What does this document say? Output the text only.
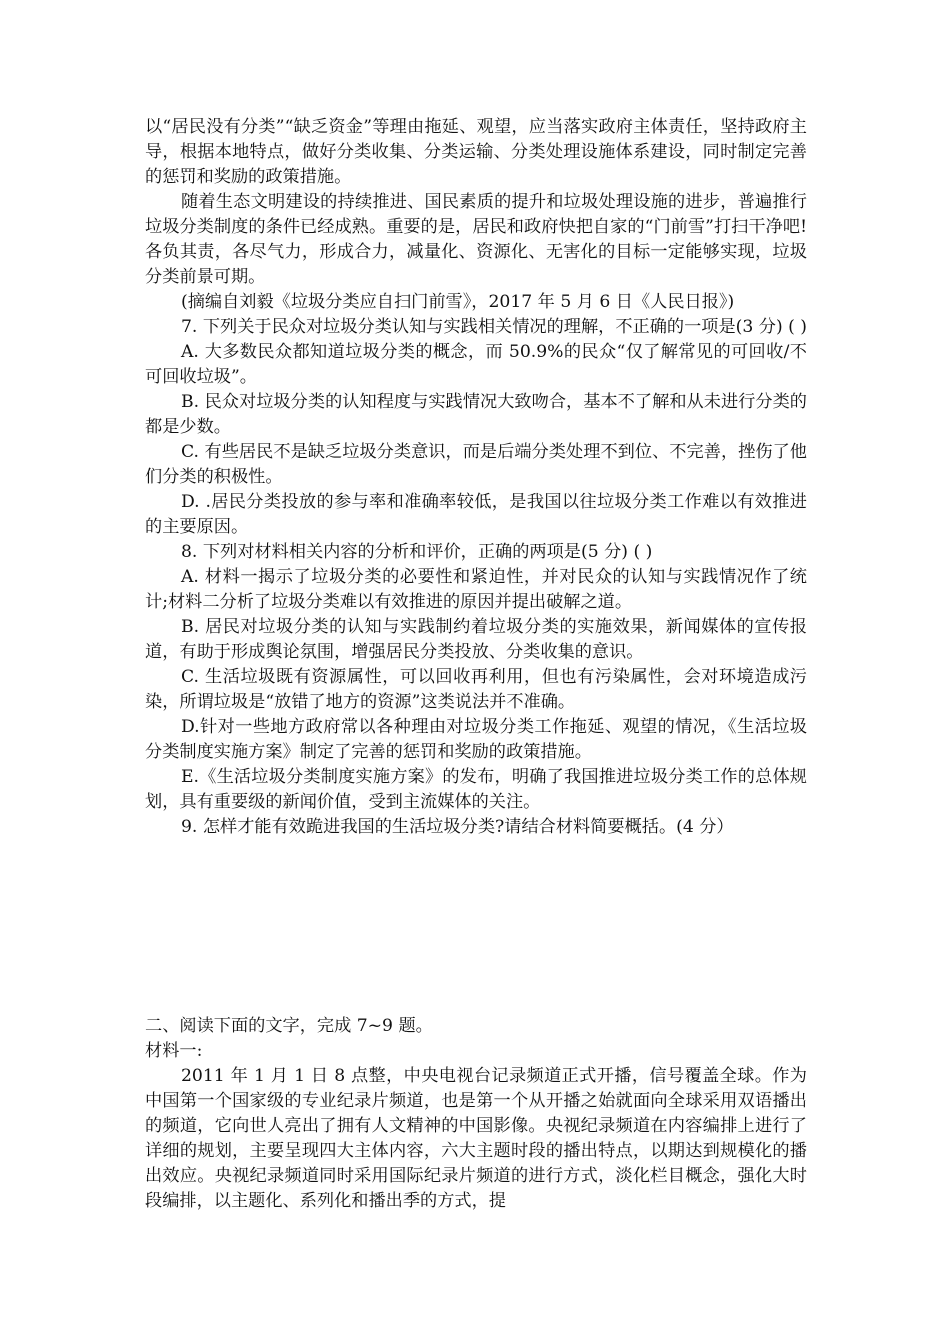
以“居民没有分类”“缺乏资金”等理由拖延、观望，应当落实政府主体责任，坚持政府主导，根据本地特点，做好分类收集、分类运输、分类处理设施体系建设，同时制定完善的惩罚和奖励的政策措施。

随着生态文明建设的持续推进、国民素质的提升和垃圾处理设施的进步，普遍推行垃圾分类制度的条件已经成熟。重要的是，居民和政府快把自家的“门前雪”打扫干净吧!各负其责，各尽气力，形成合力，减量化、资源化、无害化的目标一定能够实现，垃圾分类前景可期。

(摘编自刘毅《垃圾分类应自扫门前雪》，2017 年 5 月 6 日《人民日报》)

7. 下列关于民众对垃圾分类认知与实践相关情况的理解，不正确的一项是(3 分) ( )

A. 大多数民众都知道垃圾分类的概念，而 50.9%的民众“仅了解常见的可回收/不可回收垃圾”。

B. 民众对垃圾分类的认知程度与实践情况大致吻合，基本不了解和从未进行分类的都是少数。

C. 有些居民不是缺乏垃圾分类意识，而是后端分类处理不到位、不完善，挫伤了他们分类的积极性。

D. .居民分类投放的参与率和准确率较低，是我国以往垃圾分类工作难以有效推进的主要原因。

8. 下列对材料相关内容的分析和评价，正确的两项是(5 分) ( )

A. 材料一揭示了垃圾分类的必要性和紧迫性，并对民众的认知与实践情况作了统计;材料二分析了垃圾分类难以有效推进的原因并提出破解之道。

B. 居民对垃圾分类的认知与实践制约着垃圾分类的实施效果，新闻媒体的宣传报道，有助于形成舆论氛围，增强居民分类投放、分类收集的意识。

C. 生活垃圾既有资源属性，可以回收再利用，但也有污染属性，会对环境造成污染，所谓垃圾是“放错了地方的资源”这类说法并不准确。

D.针对一些地方政府常以各种理由对垃圾分类工作拖延、观望的情况，《生活垃圾分类制度实施方案》制定了完善的惩罚和奖励的政策措施。

E.《生活垃圾分类制度实施方案》的发布，明确了我国推进垃圾分类工作的总体规划，具有重要级的新闻价值，受到主流媒体的关注。

9. 怎样才能有效跪进我国的生活垃圾分类?请结合材料简要概括。(4 分）

二、阅读下面的文字，完成 7~9 题。

材料一:

2011 年 1 月 1 日 8 点整，中央电视台记录频道正式开播，信号覆盖全球。作为中国第一个国家级的专业纪录片频道，也是第一个从开播之始就面向全球采用双语播出的频道，它向世人亮出了拥有人文精神的中国影像。央视纪录频道在内容编排上进行了详细的规划，主要呈现四大主体内容，六大主题时段的播出特点，以期达到规模化的播出效应。央视纪录频道同时采用国际纪录片频道的进行方式，淡化栏目概念，强化大时段编排，以主题化、系列化和播出季的方式，提
